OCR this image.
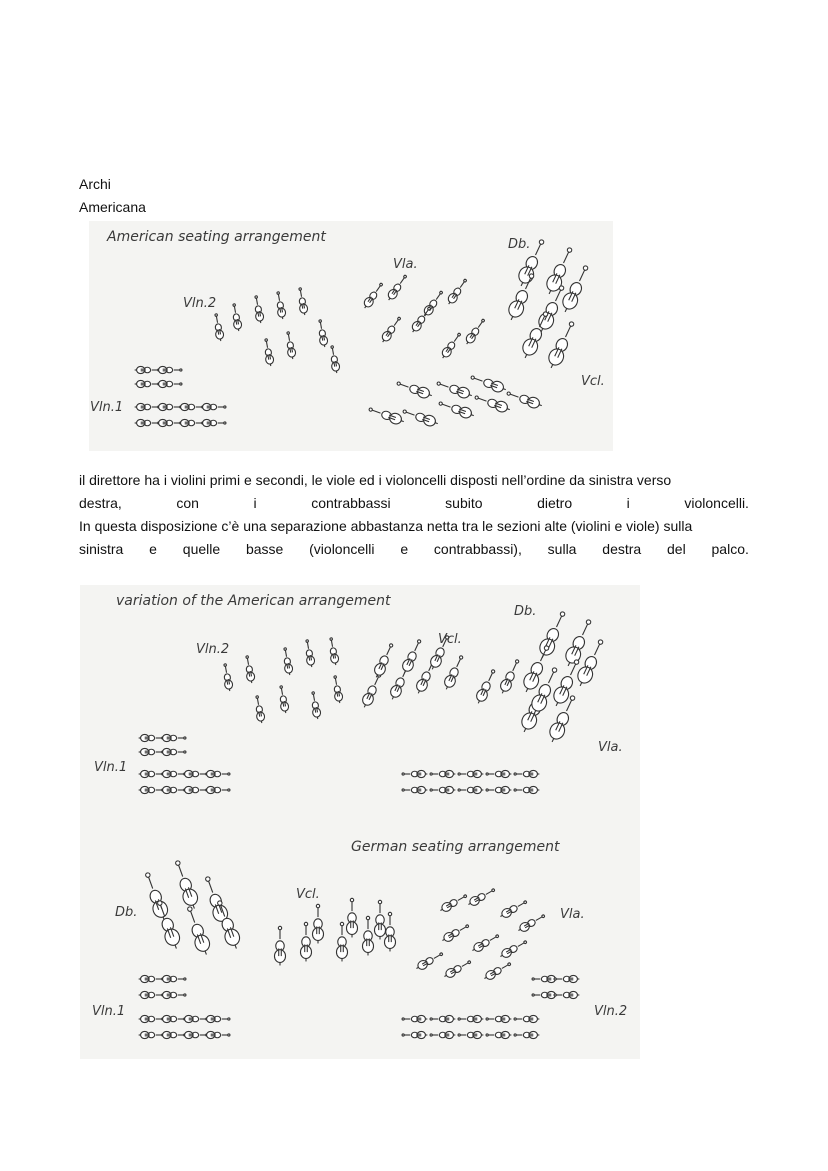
Archi
Americana
American seating arrangement	Db.
Vla.
Vln.2
Vcl.
Vln.1
il direttore ha i violini primi e secondi, le viole ed i violoncelli disposti nell’ordine da sinistra verso
destra,	con	i	contrabbassi	subito	dietro	i	violoncelli.
In questa disposizione c’è una separazione abbastanza netta tra le sezioni alte (violini e viole) sulla
sinistra e quelle basse (violoncelli e contrabbassi), sulla destra del palco.
variation of the American arrangement
Db.
Vcl.
Vln.2
Vla.
Vln.1
German seating arrangement
Vcl.
Db.	Vla.
Vln.1	Vln.2
